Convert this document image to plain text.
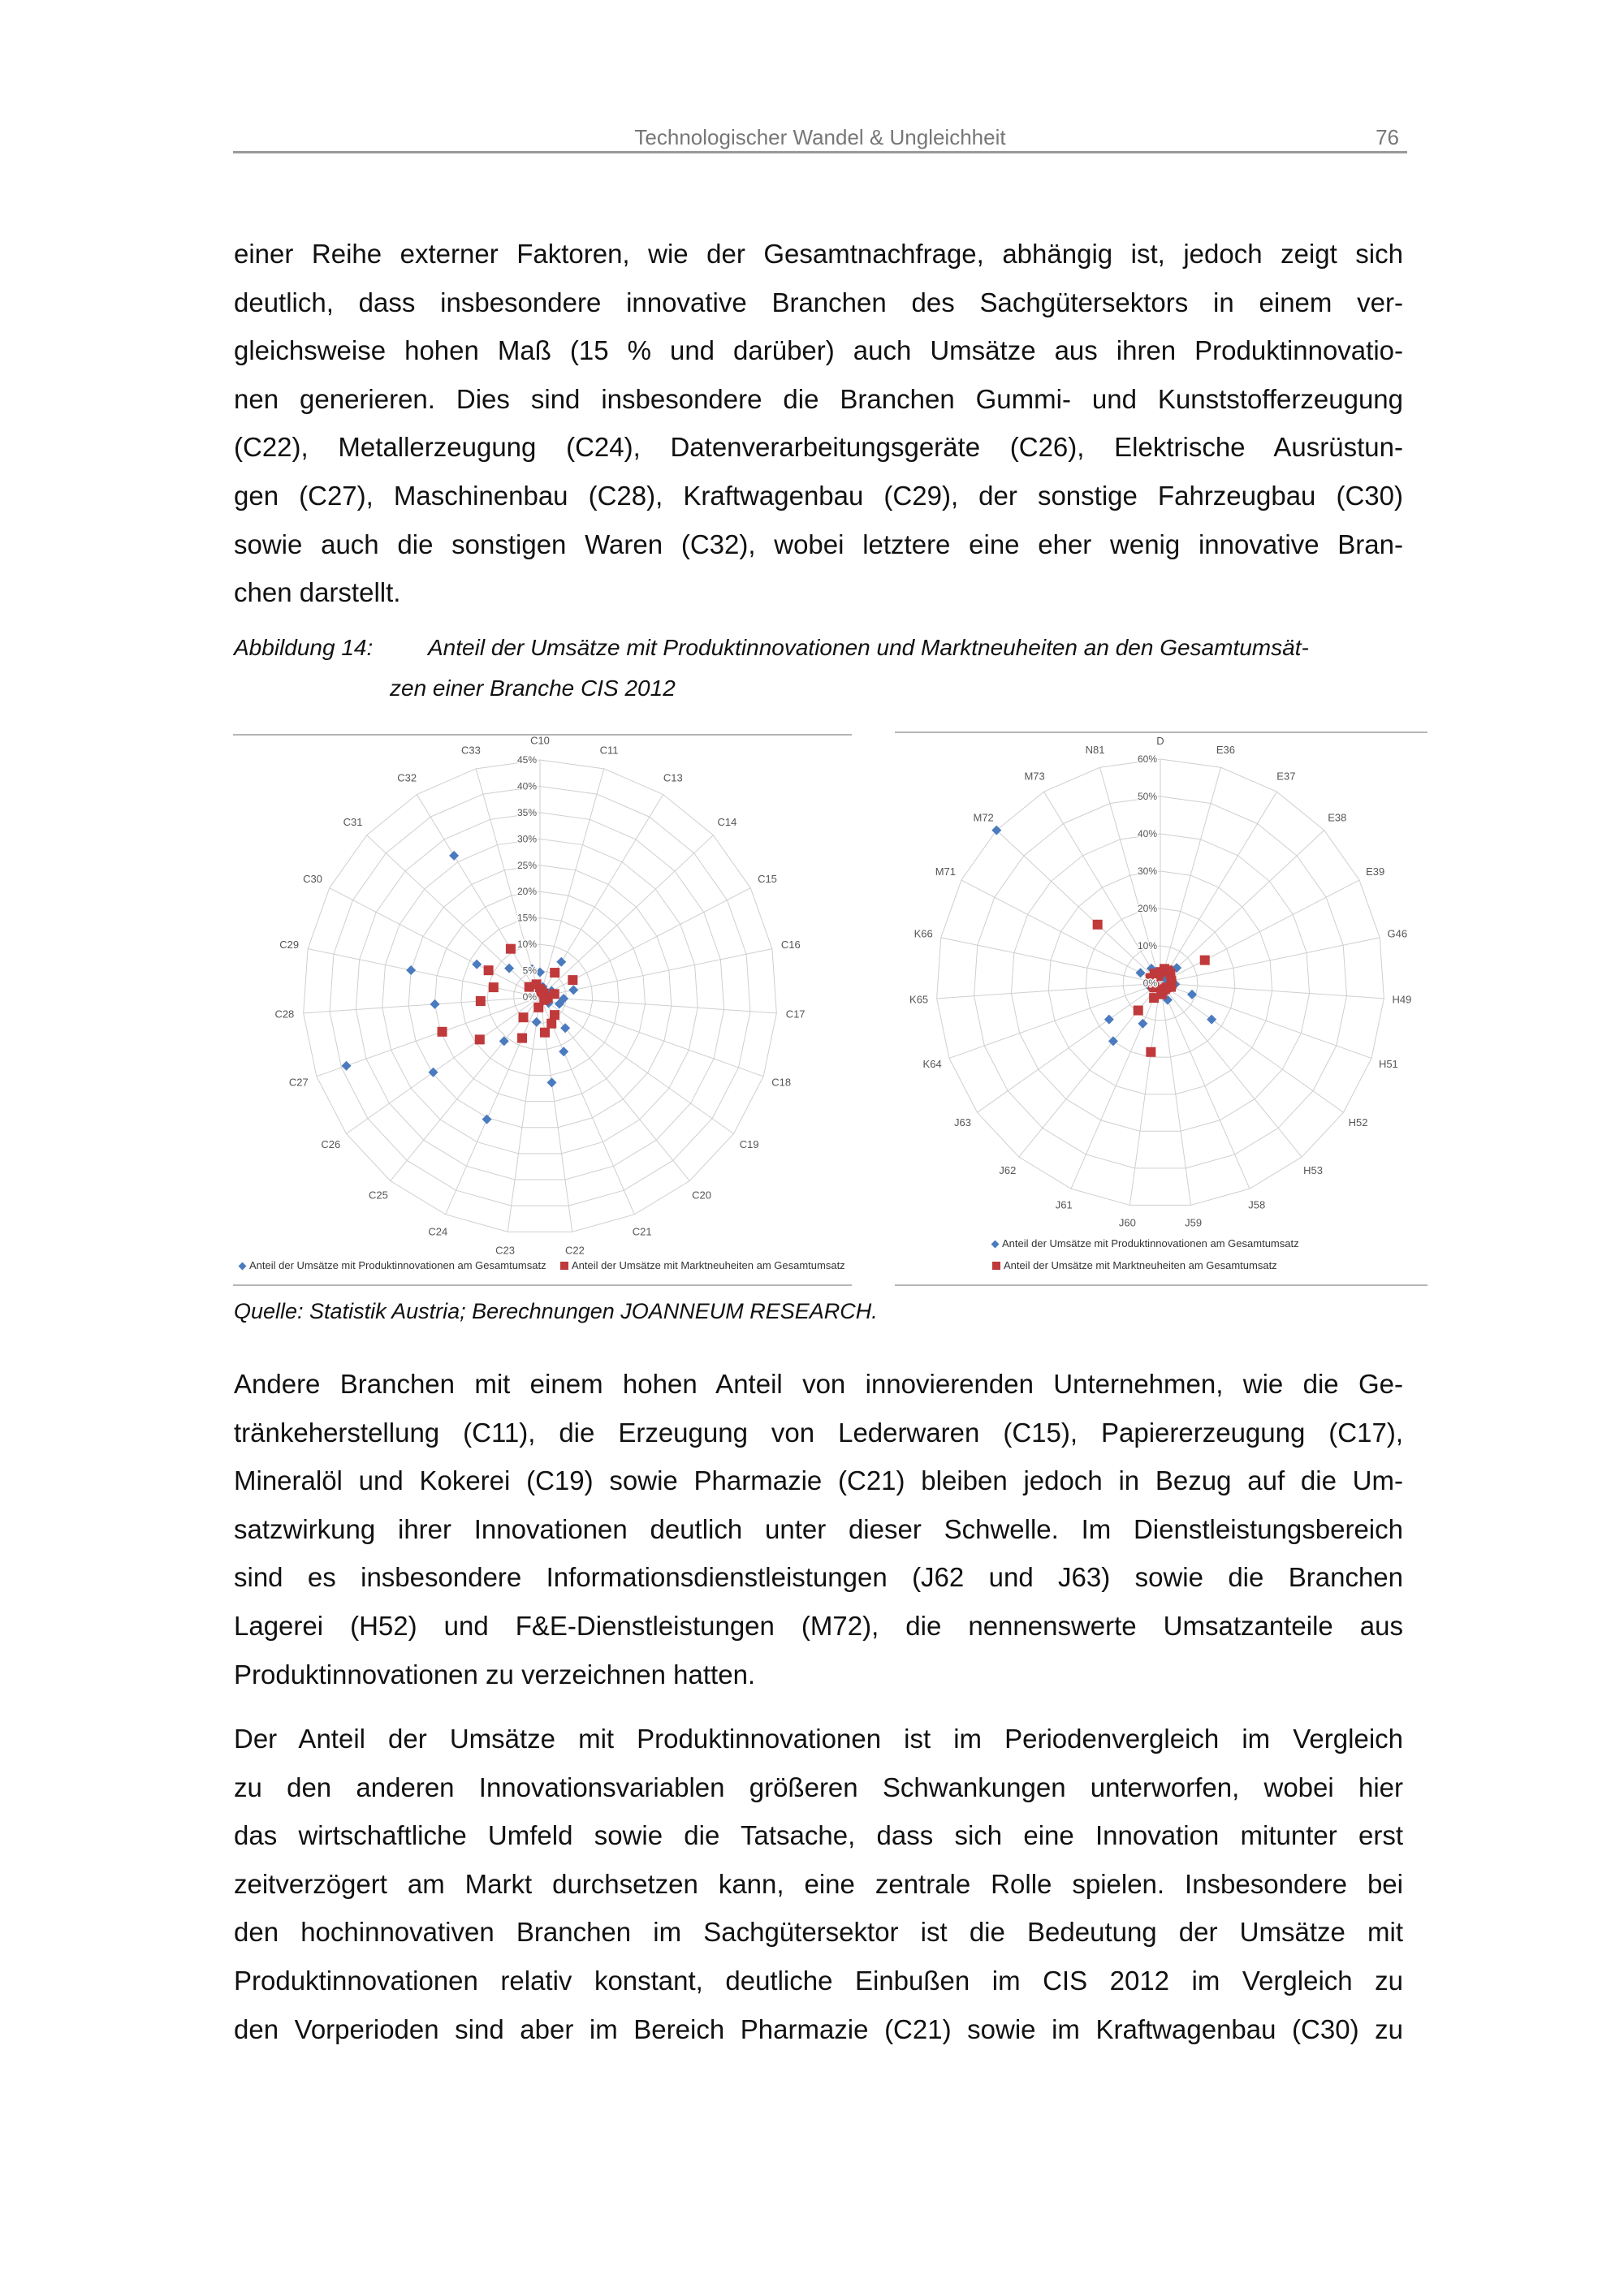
Technologischer Wandel & Ungleichheit	76
einer Reihe externer Faktoren, wie der Gesamtnachfrage, abhängig ist, jedoch zeigt sich
deutlich, dass insbesondere innovative Branchen des Sachgütersektors in einem ver-
gleichsweise hohen Maß (15 % und darüber) auch Umsätze aus ihren Produktinnovatio-
nen generieren. Dies sind insbesondere die Branchen Gummi- und Kunststofferzeugung
(C22), Metallerzeugung (C24), Datenverarbeitungsgeräte (C26), Elektrische Ausrüstun-
gen (C27), Maschinenbau (C28), Kraftwagenbau (C29), der sonstige Fahrzeugbau (C30)
sowie auch die sonstigen Waren (C32), wobei letztere eine eher wenig innovative Bran-
chen darstellt.
Abbildung 14: Anteil der Umsätze mit Produktinnovationen und Marktneuheiten an den Gesamtumsät-
zen einer Branche CIS 2012
C10
C11
C13
C14
C15
C16
C17
C18
C19
C20
C21
C22
C23
C24
C25
C26
C27
C28
C29
C30
C31
C32
C33
0%
5%
10%
15%
20%
25%
30%
35%
40%
45%
D
E36
E37
E38
E39
G46
H49
H51
H52
H53
J58
J59
J60
J61
J62
J63
K64
K65
K66
M71
M72
M73
N81
0%
10%
20%
30%
40%
50%
60%
Anteil der Umsätze mit Produktinnovationen am Gesamtumsatz	Anteil der Umsätze mit Marktneuheiten am Gesamtumsatz
Anteil der Umsätze mit Produktinnovationen am Gesamtumsatz
Anteil der Umsätze mit Marktneuheiten am Gesamtumsatz
Quelle: Statistik Austria; Berechnungen JOANNEUM RESEARCH.
Andere Branchen mit einem hohen Anteil von innovierenden Unternehmen, wie die Ge-
tränkeherstellung (C11), die Erzeugung von Lederwaren (C15), Papiererzeugung (C17),
Mineralöl und Kokerei (C19) sowie Pharmazie (C21) bleiben jedoch in Bezug auf die Um-
satzwirkung ihrer Innovationen deutlich unter dieser Schwelle. Im Dienstleistungsbereich
sind es insbesondere Informationsdienstleistungen (J62 und J63) sowie die Branchen
Lagerei (H52) und F&E-Dienstleistungen (M72), die nennenswerte Umsatzanteile aus
Produktinnovationen zu verzeichnen hatten.
Der Anteil der Umsätze mit Produktinnovationen ist im Periodenvergleich im Vergleich
zu den anderen Innovationsvariablen größeren Schwankungen unterworfen, wobei hier
das wirtschaftliche Umfeld sowie die Tatsache, dass sich eine Innovation mitunter erst
zeitverzögert am Markt durchsetzen kann, eine zentrale Rolle spielen. Insbesondere bei
den hochinnovativen Branchen im Sachgütersektor ist die Bedeutung der Umsätze mit
Produktinnovationen relativ konstant, deutliche Einbußen im CIS 2012 im Vergleich zu
den Vorperioden sind aber im Bereich Pharmazie (C21) sowie im Kraftwagenbau (C30) zu
